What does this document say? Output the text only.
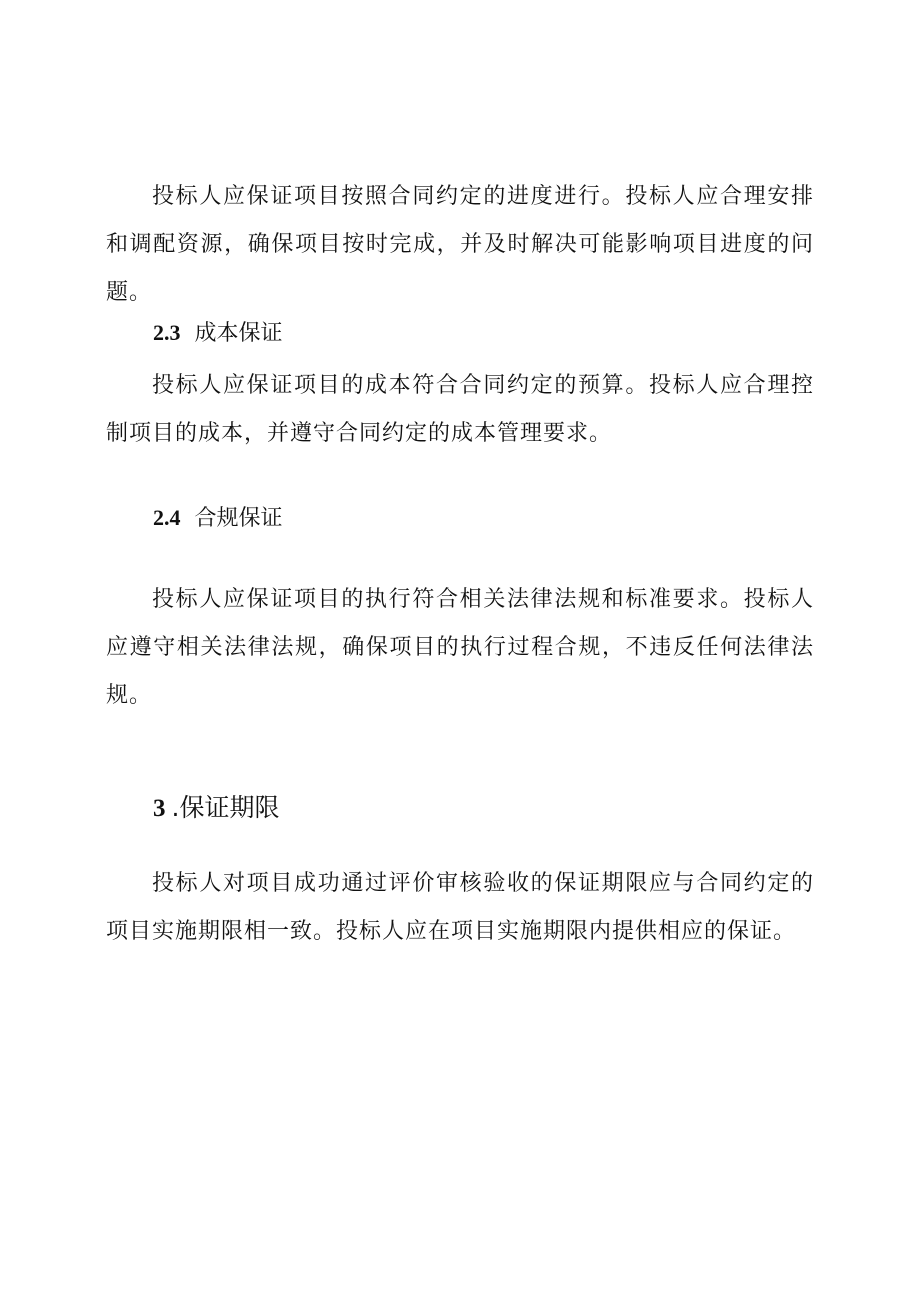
投标人应保证项目按照合同约定的进度进行。投标人应合理安排和调配资源，确保项目按时完成，并及时解决可能影响项目进度的问题。

2.3 成本保证

投标人应保证项目的成本符合合同约定的预算。投标人应合理控制项目的成本，并遵守合同约定的成本管理要求。

2.4 合规保证

投标人应保证项目的执行符合相关法律法规和标准要求。投标人应遵守相关法律法规，确保项目的执行过程合规，不违反任何法律法规。

3 .保证期限

投标人对项目成功通过评价审核验收的保证期限应与合同约定的项目实施期限相一致。投标人应在项目实施期限内提供相应的保证。
